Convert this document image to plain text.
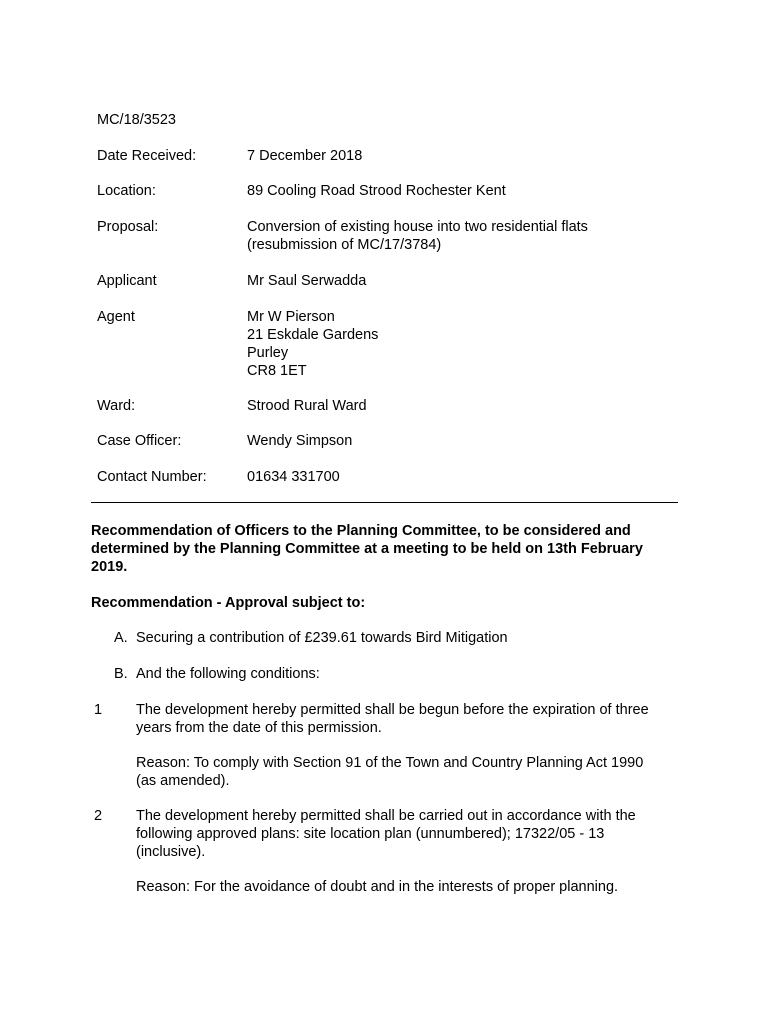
MC/18/3523
Date Received:	7 December 2018
Location:	89 Cooling Road Strood Rochester Kent
Proposal:	Conversion of existing house into two residential flats
(resubmission of MC/17/3784)
Applicant	Mr Saul Serwadda
Agent	Mr W Pierson
21 Eskdale Gardens
Purley
CR8 1ET
Ward:	Strood Rural Ward
Case Officer:	Wendy Simpson
Contact Number:	01634 331700
Recommendation of Officers to the Planning Committee, to be considered and
determined by the Planning Committee at a meeting to be held on 13th February
2019.
Recommendation - Approval subject to:
A. Securing a contribution of £239.61 towards Bird Mitigation
B. And the following conditions:
1 The development hereby permitted shall be begun before the expiration of three
years from the date of this permission.
Reason: To comply with Section 91 of the Town and Country Planning Act 1990
(as amended).
2 The development hereby permitted shall be carried out in accordance with the
following approved plans: site location plan (unnumbered); 17322/05 - 13
(inclusive).
Reason: For the avoidance of doubt and in the interests of proper planning.
